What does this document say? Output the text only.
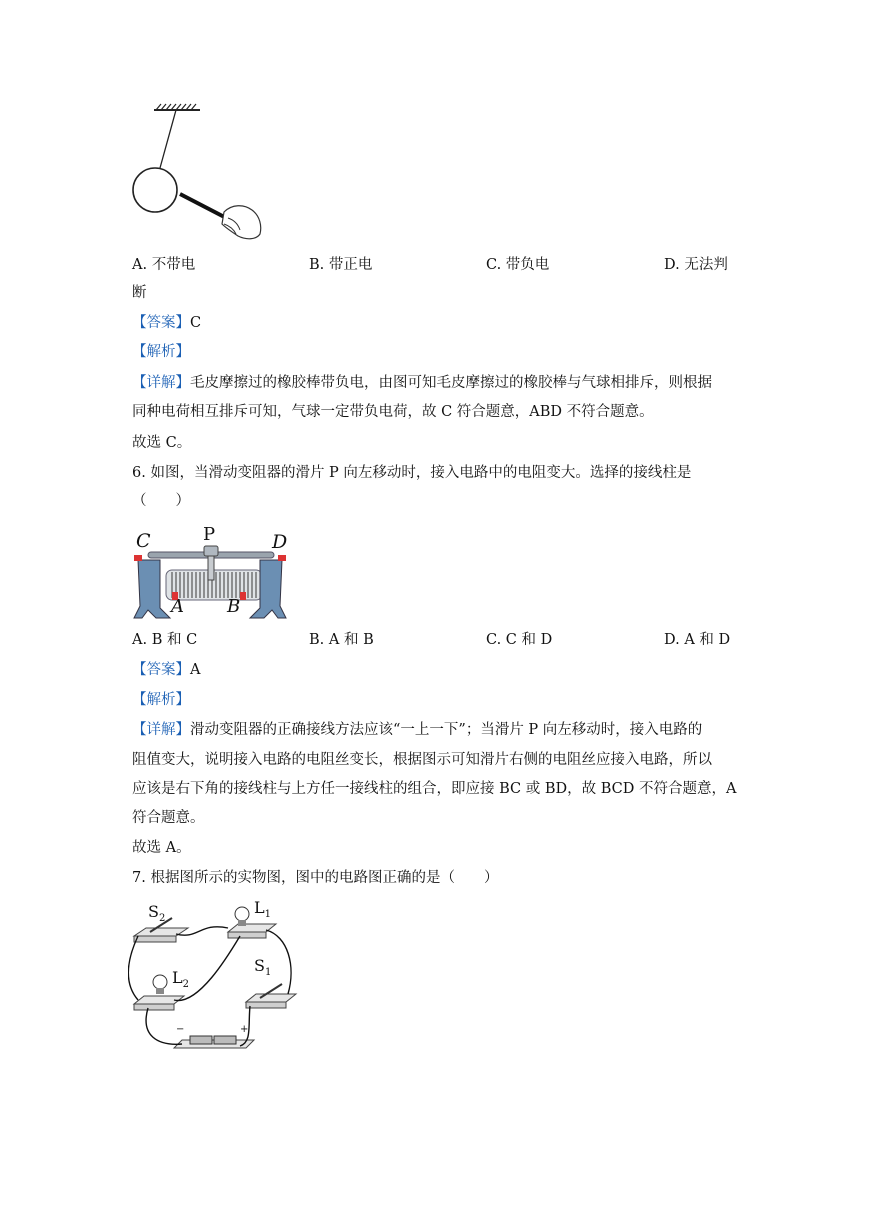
A. 不带电	B. 带正电	C. 带负电	D. 无法判
断
【答案】C
【解析】
【详解】毛皮摩擦过的橡胶棒带负电，由图可知毛皮摩擦过的橡胶棒与气球相排斥，则根据
同种电荷相互排斥可知，气球一定带负电荷，故 C 符合题意，ABD 不符合题意。
故选 C。
6. 如图，当滑动变阻器的滑片 P 向左移动时，接入电路中的电阻变大。选择的接线柱是
（　　）
C	D
P
A B
A. B 和 C	B. A 和 B	C. C 和 D	D. A 和 D
【答案】A
【解析】
【详解】滑动变阻器的正确接线方法应该“一上一下”；当滑片 P 向左移动时，接入电路的
阻值变大，说明接入电路的电阻丝变长，根据图示可知滑片右侧的电阻丝应接入电路，所以
应该是右下角的接线柱与上方任一接线柱的组合，即应接 BC 或 BD，故 BCD 不符合题意，A
符合题意。
故选 A。
7. 根据图所示的实物图，图中的电路图正确的是（　　）
$S_2$
$L_1$
$S_1$
$L_2$
−	+
